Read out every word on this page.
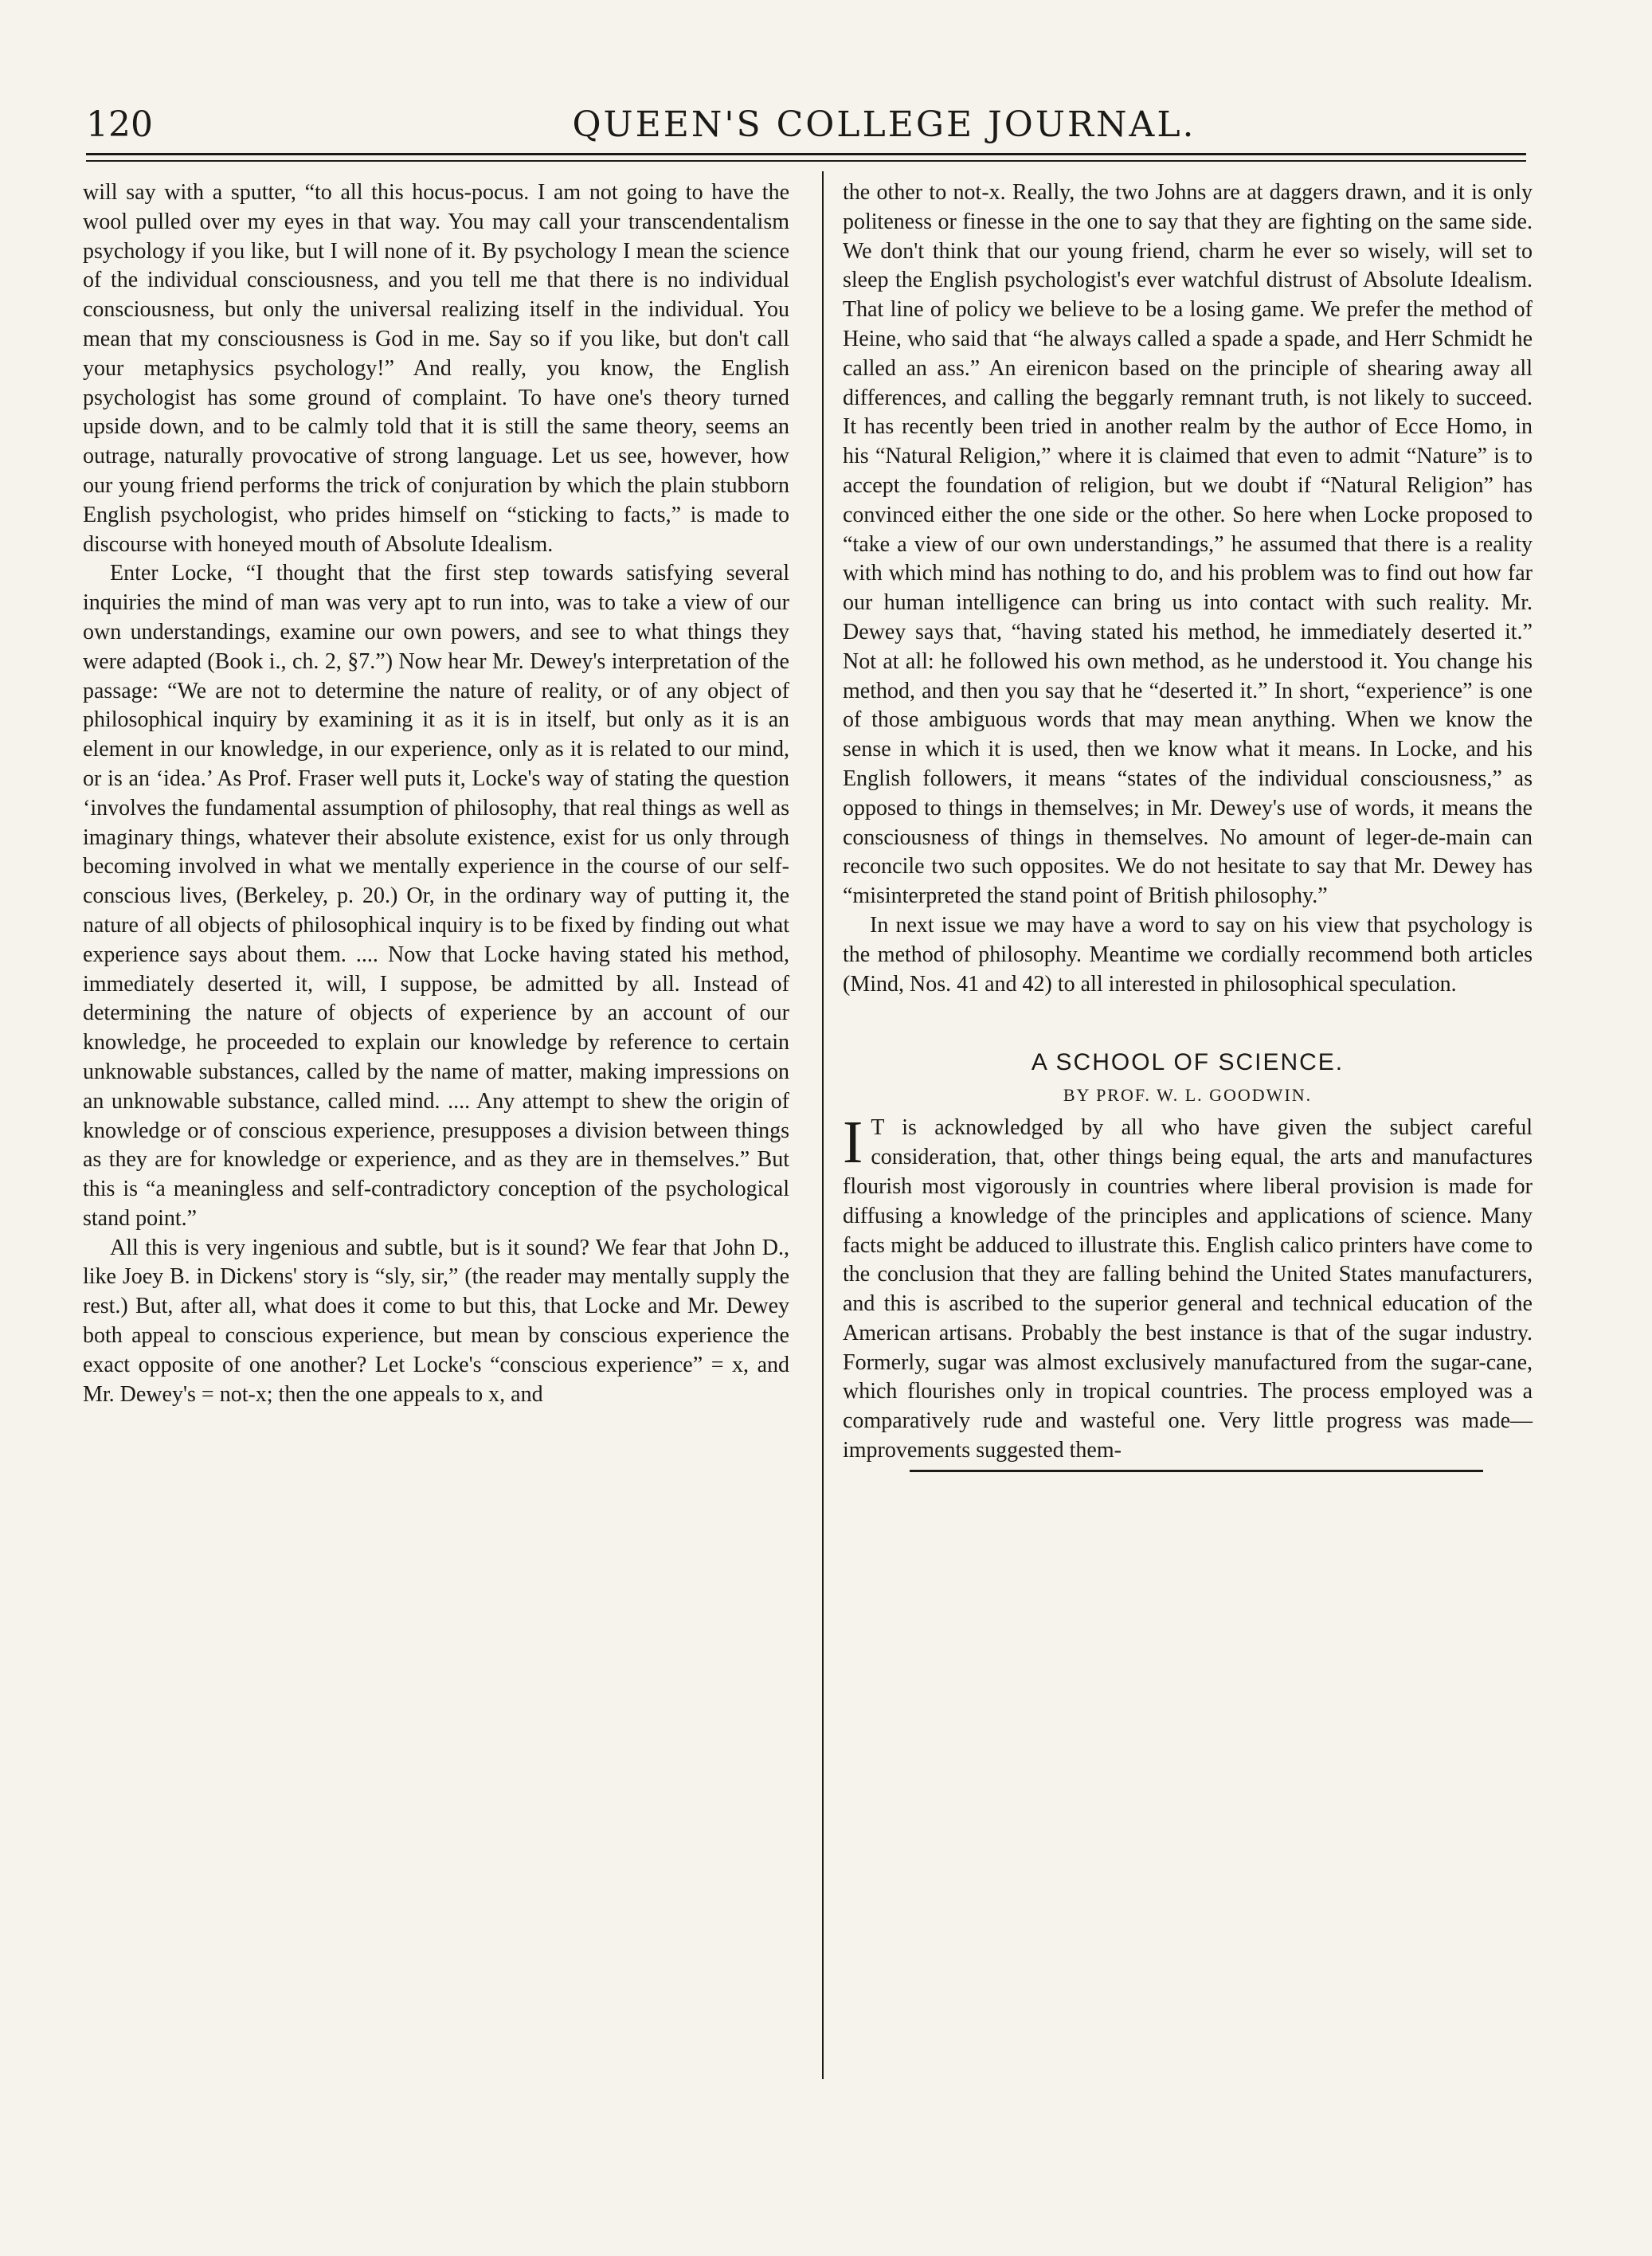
120	QUEEN'S COLLEGE JOURNAL.

will say with a sputter, “to all this hocus-pocus. I am not going to have the wool pulled over my eyes in that way. You may call your transcendentalism psychology if you like, but I will none of it. By psychology I mean the science of the individual consciousness, and you tell me that there is no individual consciousness, but only the universal realizing itself in the individual. You mean that my consciousness is God in me. Say so if you like, but don't call your metaphysics psychology!” And really, you know, the English psychologist has some ground of complaint. To have one's theory turned upside down, and to be calmly told that it is still the same theory, seems an outrage, naturally provocative of strong language. Let us see, however, how our young friend performs the trick of conjuration by which the plain stubborn English psychologist, who prides himself on “sticking to facts,” is made to discourse with honeyed mouth of Absolute Idealism.

Enter Locke, “I thought that the first step towards satisfying several inquiries the mind of man was very apt to run into, was to take a view of our own understandings, examine our own powers, and see to what things they were adapted (Book i., ch. 2, §7.”) Now hear Mr. Dewey's interpretation of the passage: “We are not to determine the nature of reality, or of any object of philosophical inquiry by examining it as it is in itself, but only as it is an element in our knowledge, in our experience, only as it is related to our mind, or is an ‘idea.’ As Prof. Fraser well puts it, Locke's way of stating the question ‘involves the fundamental assumption of philosophy, that real things as well as imaginary things, whatever their absolute existence, exist for us only through becoming involved in what we mentally experience in the course of our self-conscious lives, (Berkeley, p. 20.) Or, in the ordinary way of putting it, the nature of all objects of philosophical inquiry is to be fixed by finding out what experience says about them. .... Now that Locke having stated his method, immediately deserted it, will, I suppose, be admitted by all. Instead of determining the nature of objects of experience by an account of our knowledge, he proceeded to explain our knowledge by reference to certain unknowable substances, called by the name of matter, making impressions on an unknowable substance, called mind. .... Any attempt to shew the origin of knowledge or of conscious experience, presupposes a division between things as they are for knowledge or experience, and as they are in themselves.” But this is “a meaningless and self-contradictory conception of the psychological stand point.”

All this is very ingenious and subtle, but is it sound? We fear that John D., like Joey B. in Dickens' story is “sly, sir,” (the reader may mentally supply the rest.) But, after all, what does it come to but this, that Locke and Mr. Dewey both appeal to conscious experience, but mean by conscious experience the exact opposite of one another? Let Locke's “conscious experience” = x, and Mr. Dewey's = not-x; then the one appeals to x, and

the other to not-x. Really, the two Johns are at daggers drawn, and it is only politeness or finesse in the one to say that they are fighting on the same side. We don't think that our young friend, charm he ever so wisely, will set to sleep the English psychologist's ever watchful distrust of Absolute Idealism. That line of policy we believe to be a losing game. We prefer the method of Heine, who said that “he always called a spade a spade, and Herr Schmidt he called an ass.” An eirenicon based on the principle of shearing away all differences, and calling the beggarly remnant truth, is not likely to succeed. It has recently been tried in another realm by the author of Ecce Homo, in his “Natural Religion,” where it is claimed that even to admit “Nature” is to accept the foundation of religion, but we doubt if “Natural Religion” has convinced either the one side or the other. So here when Locke proposed to “take a view of our own understandings,” he assumed that there is a reality with which mind has nothing to do, and his problem was to find out how far our human intelligence can bring us into contact with such reality. Mr. Dewey says that, “having stated his method, he immediately deserted it.” Not at all: he followed his own method, as he understood it. You change his method, and then you say that he “deserted it.” In short, “experience” is one of those ambiguous words that may mean anything. When we know the sense in which it is used, then we know what it means. In Locke, and his English followers, it means “states of the individual consciousness,” as opposed to things in themselves; in Mr. Dewey's use of words, it means the consciousness of things in themselves. No amount of leger-de-main can reconcile two such opposites. We do not hesitate to say that Mr. Dewey has “misinterpreted the stand point of British philosophy.”

In next issue we may have a word to say on his view that psychology is the method of philosophy. Meantime we cordially recommend both articles (Mind, Nos. 41 and 42) to all interested in philosophical speculation.

A SCHOOL OF SCIENCE.
BY PROF. W. L. GOODWIN.

I T is acknowledged by all who have given the subject careful consideration, that, other things being equal, the arts and manufactures flourish most vigorously in countries where liberal provision is made for diffusing a knowledge of the principles and applications of science. Many facts might be adduced to illustrate this. English calico printers have come to the conclusion that they are falling behind the United States manufacturers, and this is ascribed to the superior general and technical education of the American artisans. Probably the best instance is that of the sugar industry. Formerly, sugar was almost exclusively manufactured from the sugar-cane, which flourishes only in tropical countries. The process employed was a comparatively rude and wasteful one. Very little progress was made—improvements suggested them-
